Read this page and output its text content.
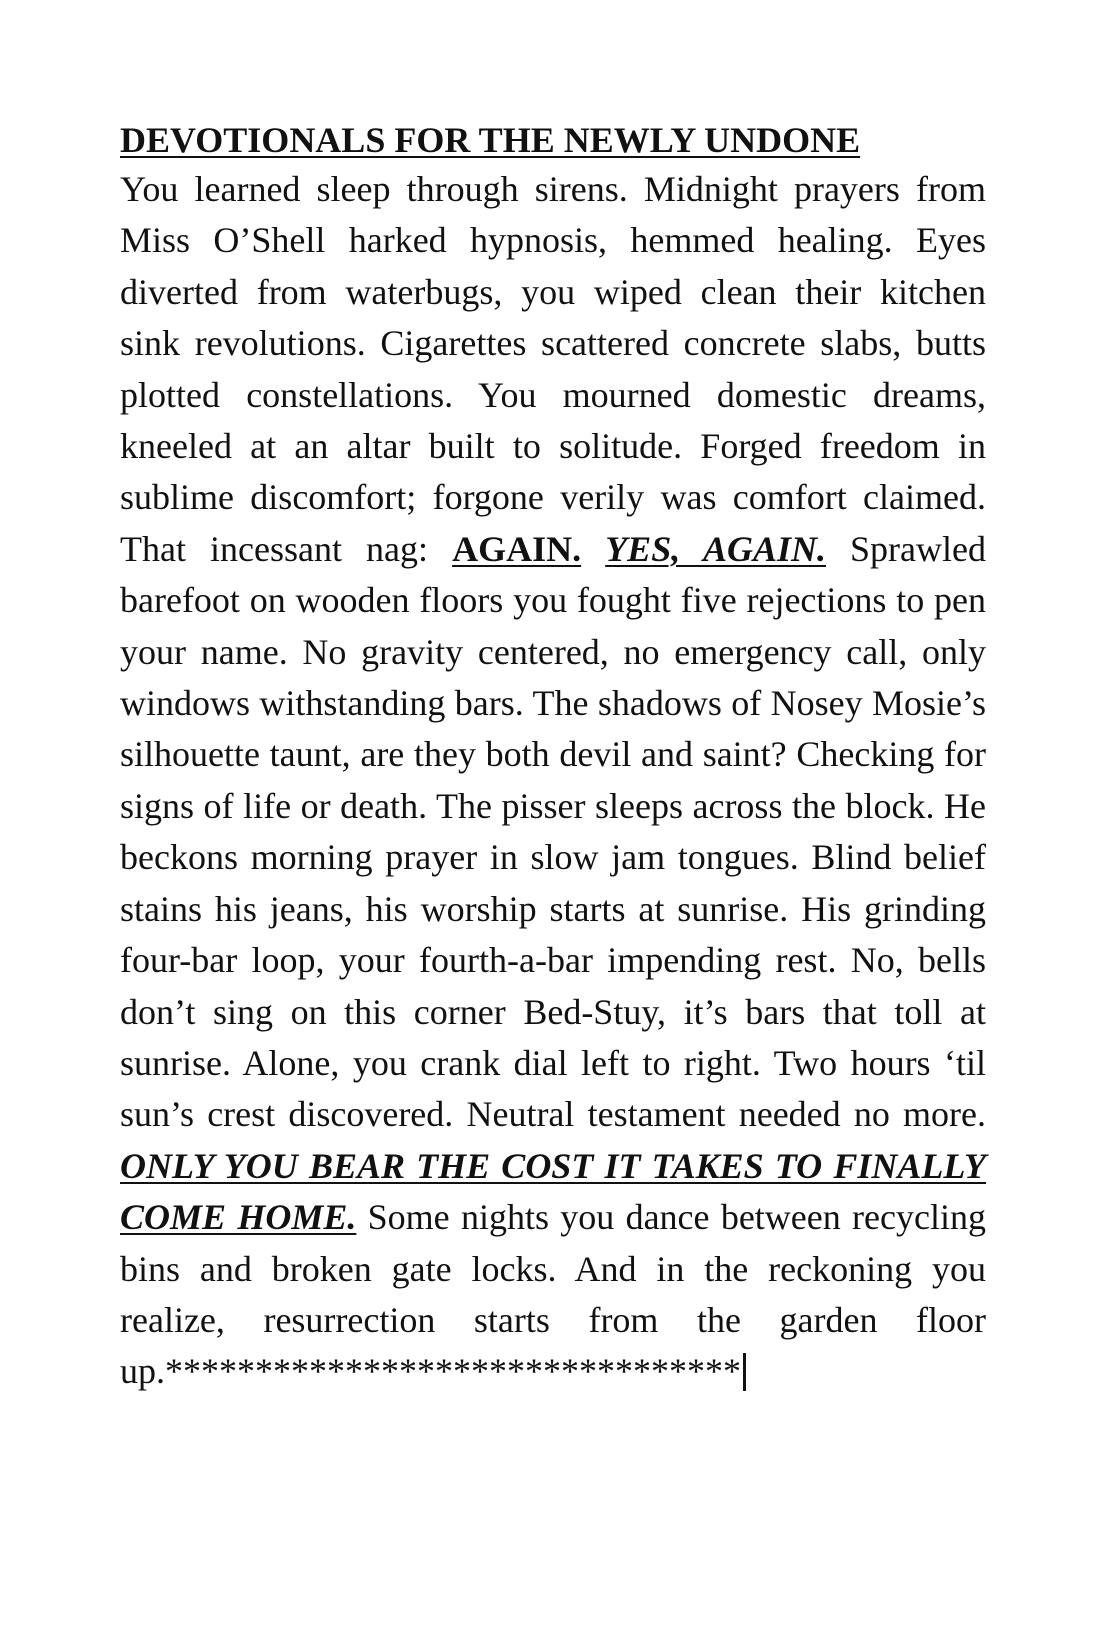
DEVOTIONALS FOR THE NEWLY UNDONE

You learned sleep through sirens. Midnight prayers from Miss O’Shell harked hypnosis, hemmed healing. Eyes diverted from waterbugs, you wiped clean their kitchen sink revolutions. Cigarettes scattered concrete slabs, butts plotted constellations. You mourned domestic dreams, kneeled at an altar built to solitude. Forged freedom in sublime discomfort; forgone verily was comfort claimed. That incessant nag: AGAIN. YES, AGAIN. Sprawled barefoot on wooden floors you fought five rejections to pen your name. No gravity centered, no emergency call, only windows withstanding bars. The shadows of Nosey Mosie’s silhouette taunt, are they both devil and saint? Checking for signs of life or death. The pisser sleeps across the block. He beckons morning prayer in slow jam tongues. Blind belief stains his jeans, his worship starts at sunrise. His grinding four-bar loop, your fourth-a-bar impending rest. No, bells don’t sing on this corner Bed-Stuy, it’s bars that toll at sunrise. Alone, you crank dial left to right. Two hours ‘til sun’s crest discovered. Neutral testament needed no more. ONLY YOU BEAR THE COST IT TAKES TO FINALLY COME HOME. Some nights you dance between recycling bins and broken gate locks. And in the reckoning you realize, resurrection starts from the garden floor up.********************************
